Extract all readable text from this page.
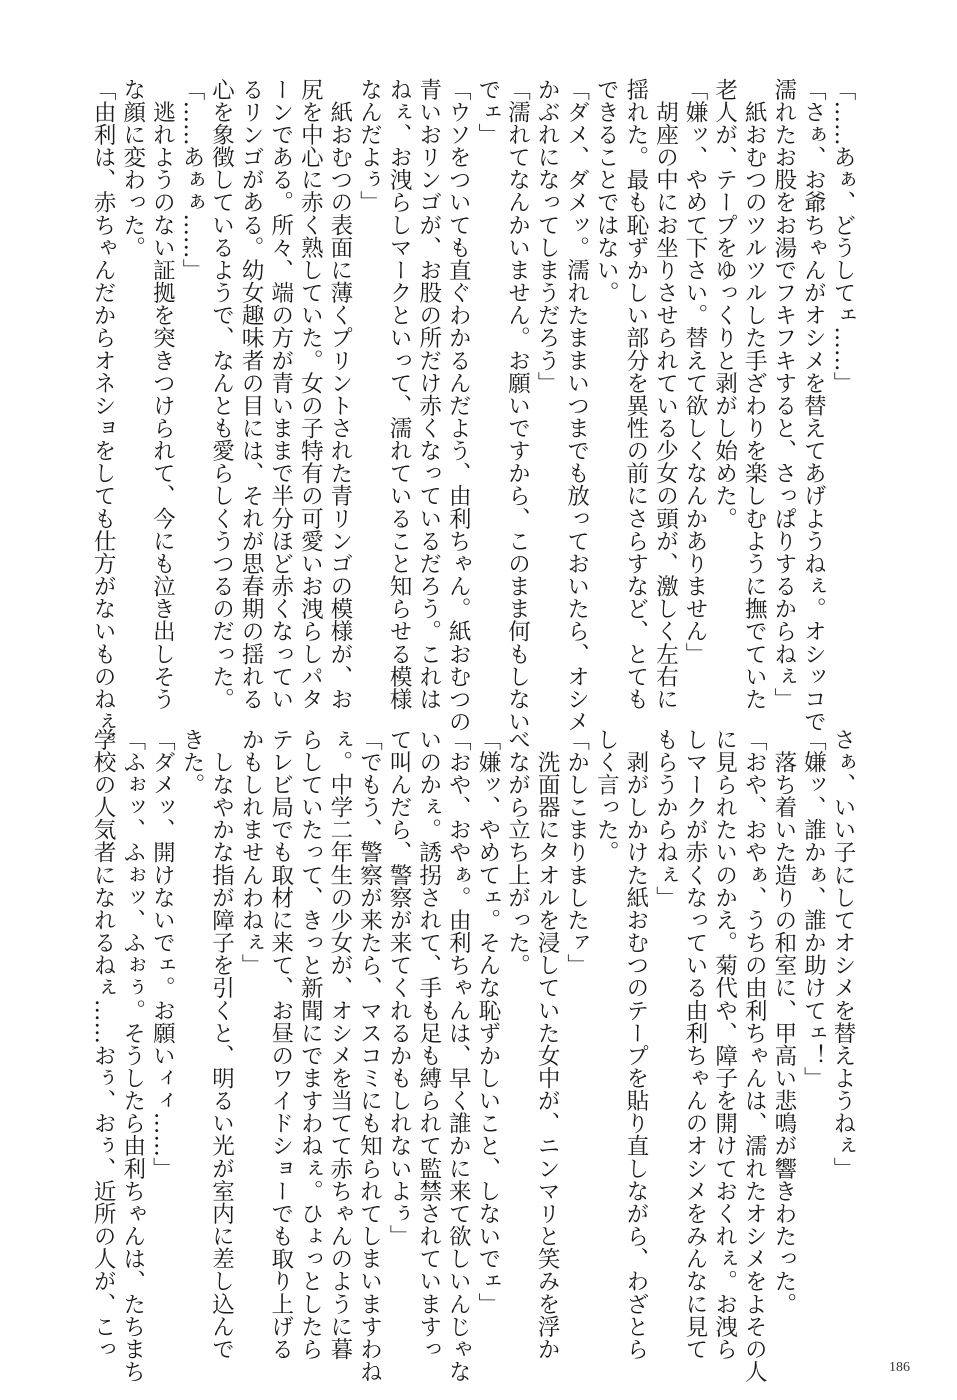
「……あぁ、どうしてェ……」
「さぁ、お爺ちゃんがオシメを替えてあげようねぇ。オシッコで
濡れたお股をお湯でフキフキすると、さっぱりするからねぇ」
　紙おむつのツルツルした手ざわりを楽しむように撫でていた
老人が、テープをゆっくりと剥がし始めた。
「嫌ッ、やめて下さい。替えて欲しくなんかありません」
　胡座の中にお坐りさせられている少女の頭が、激しく左右に
揺れた。最も恥ずかしい部分を異性の前にさらすなど、とても
できることではない。
「ダメ、ダメッ。濡れたままいつまでも放っておいたら、オシメ
かぶれになってしまうだろう」
「濡れてなんかいません。お願いですから、このまま何もしない
でェ」
「ウソをついても直ぐわかるんだよう、由利ちゃん。紙おむつの
青いおリンゴが、お股の所だけ赤くなっているだろう。これは
ねぇ、お洩らしマークといって、濡れていること知らせる模様
なんだよぅ」
　紙おむつの表面に薄くプリントされた青リンゴの模様が、お
尻を中心に赤く熟していた。女の子特有の可愛いお洩らしパタ
ーンである。所々、端の方が青いままで半分ほど赤くなってい
るリンゴがある。幼女趣味者の目には、それが思春期の揺れる
心を象徴しているようで、なんとも愛らしくうつるのだった。
「……あぁぁ……」
　逃れようのない証拠を突きつけられて、今にも泣き出しそう
な顔に変わった。
「由利は、赤ちゃんだからオネショをしても仕方がないものねぇ。
さぁ、いい子にしてオシメを替えようねぇ」
「嫌ッ、誰かぁ、誰か助けてェ！」
　落ち着いた造りの和室に、甲高い悲鳴が響きわたった。
「おや、おやぁ、うちの由利ちゃんは、濡れたオシメをよその人
に見られたいのかえ。菊代や、障子を開けておくれぇ。お洩ら
しマークが赤くなっている由利ちゃんのオシメをみんなに見て
もらうからねぇ」
　剥がしかけた紙おむつのテープを貼り直しながら、わざとら
しく言った。
「かしこまりましたァ」
　洗面器にタオルを浸していた女中が、ニンマリと笑みを浮か
べながら立ち上がった。
「嫌ッ、やめてェ。そんな恥ずかしいこと、しないでェ」
「おや、おやぁ。由利ちゃんは、早く誰かに来て欲しいんじゃな
いのかぇ。誘拐されて、手も足も縛られて監禁されていますっ
て叫んだら、警察が来てくれるかもしれないよぅ」
「でもう、警察が来たら、マスコミにも知られてしまいますわね
ぇ。中学二年生の少女が、オシメを当てて赤ちゃんのように暮
らしていたって、きっと新聞にでますわねぇ。ひょっとしたら
テレビ局でも取材に来て、お昼のワイドショーでも取り上げる
かもしれませんわねぇ」
　しなやかな指が障子を引くと、明るい光が室内に差し込んで
きた。
「ダメッ、開けないでェ。お願いィィ……」
「ふぉッ、ふぉッ、ふぉぅ。そうしたら由利ちゃんは、たちまち
学校の人気者になれるねぇ……おぅ、おぅ、近所の人が、こっ
186
